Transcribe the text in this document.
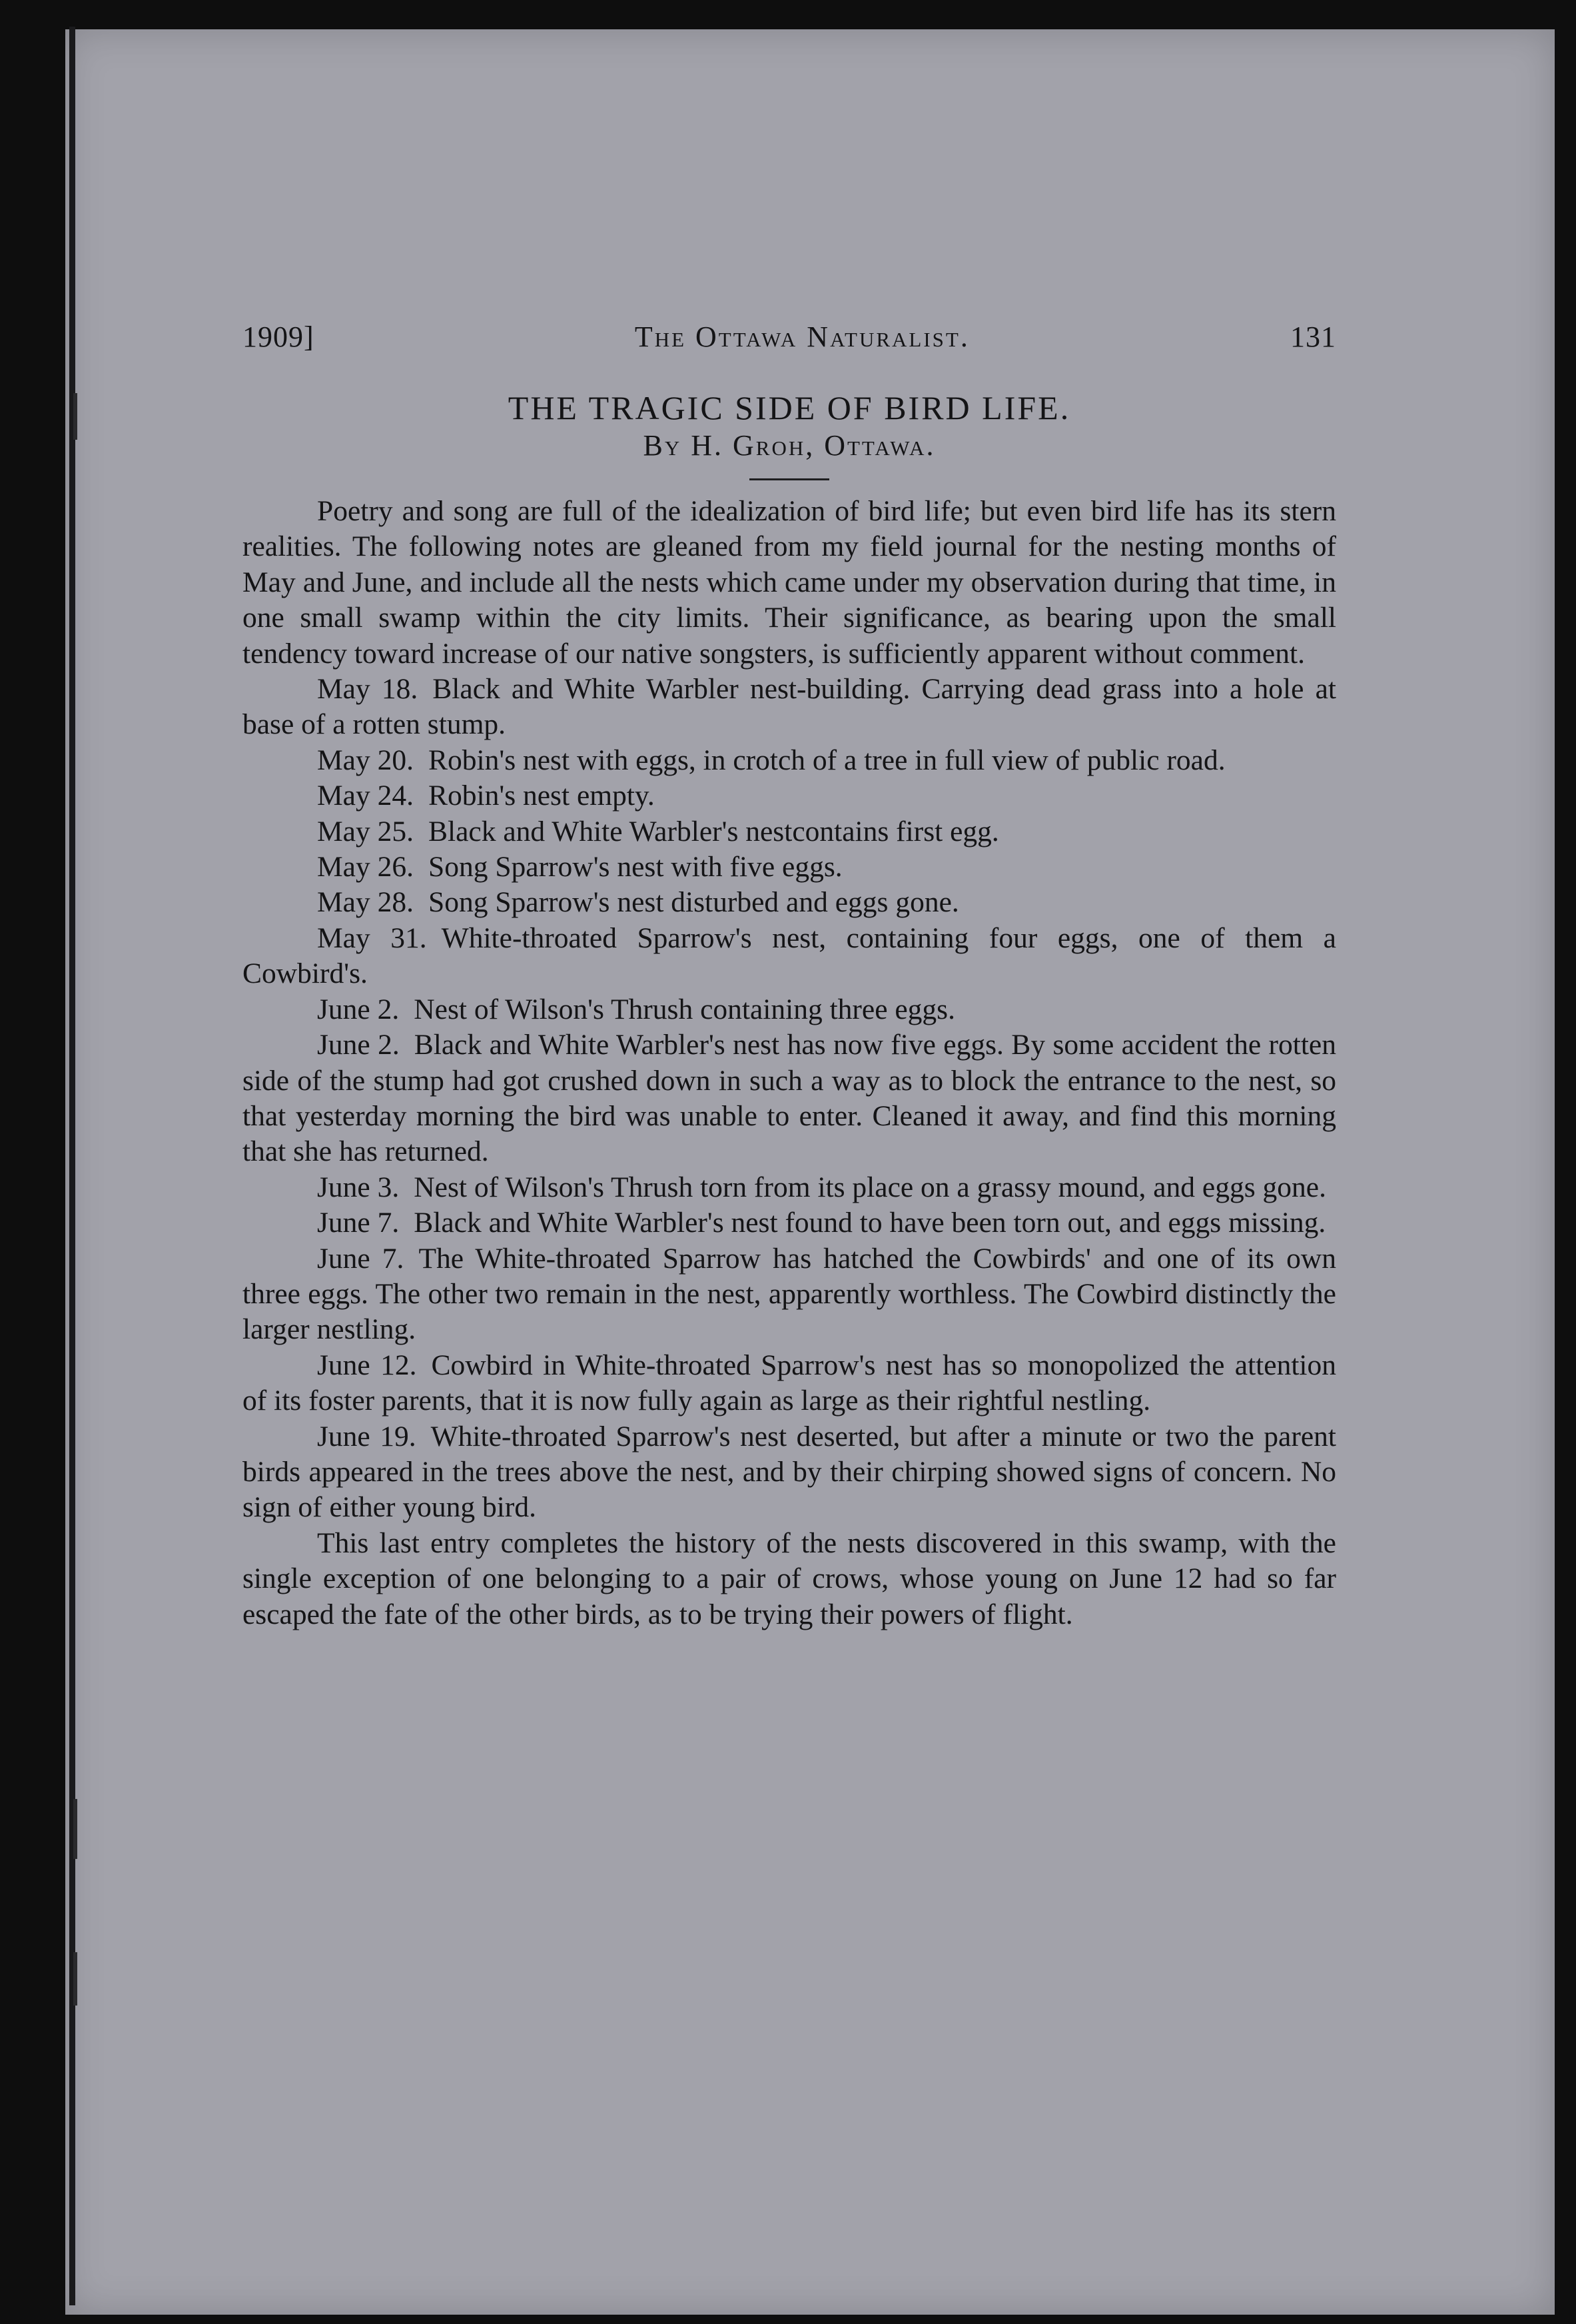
1909]	The Ottawa Naturalist.	131
THE TRAGIC SIDE OF BIRD LIFE.
By H. Groh, Ottawa.

Poetry and song are full of the idealization of bird life; but even bird life has its stern realities. The following notes are gleaned from my field journal for the nesting months of May and June, and include all the nests which came under my observation during that time, in one small swamp within the city limits. Their significance, as bearing upon the small tendency toward increase of our native songsters, is sufficiently apparent without comment.

May 18. Black and White Warbler nest-building. Carrying dead grass into a hole at base of a rotten stump.

May 20. Robin's nest with eggs, in crotch of a tree in full view of public road.

May 24. Robin's nest empty.

May 25. Black and White Warbler's nestcontains first egg.

May 26. Song Sparrow's nest with five eggs.

May 28. Song Sparrow's nest disturbed and eggs gone.

May 31. White-throated Sparrow's nest, containing four eggs, one of them a Cowbird's.

June 2. Nest of Wilson's Thrush containing three eggs.

June 2. Black and White Warbler's nest has now five eggs. By some accident the rotten side of the stump had got crushed down in such a way as to block the entrance to the nest, so that yesterday morning the bird was unable to enter. Cleaned it away, and find this morning that she has returned.

June 3. Nest of Wilson's Thrush torn from its place on a grassy mound, and eggs gone.

June 7. Black and White Warbler's nest found to have been torn out, and eggs missing.

June 7. The White-throated Sparrow has hatched the Cowbirds' and one of its own three eggs. The other two remain in the nest, apparently worthless. The Cowbird distinctly the larger nestling.

June 12. Cowbird in White-throated Sparrow's nest has so monopolized the attention of its foster parents, that it is now fully again as large as their rightful nestling.

June 19. White-throated Sparrow's nest deserted, but after a minute or two the parent birds appeared in the trees above the nest, and by their chirping showed signs of concern. No sign of either young bird.

This last entry completes the history of the nests discovered in this swamp, with the single exception of one belonging to a pair of crows, whose young on June 12 had so far escaped the fate of the other birds, as to be trying their powers of flight.
